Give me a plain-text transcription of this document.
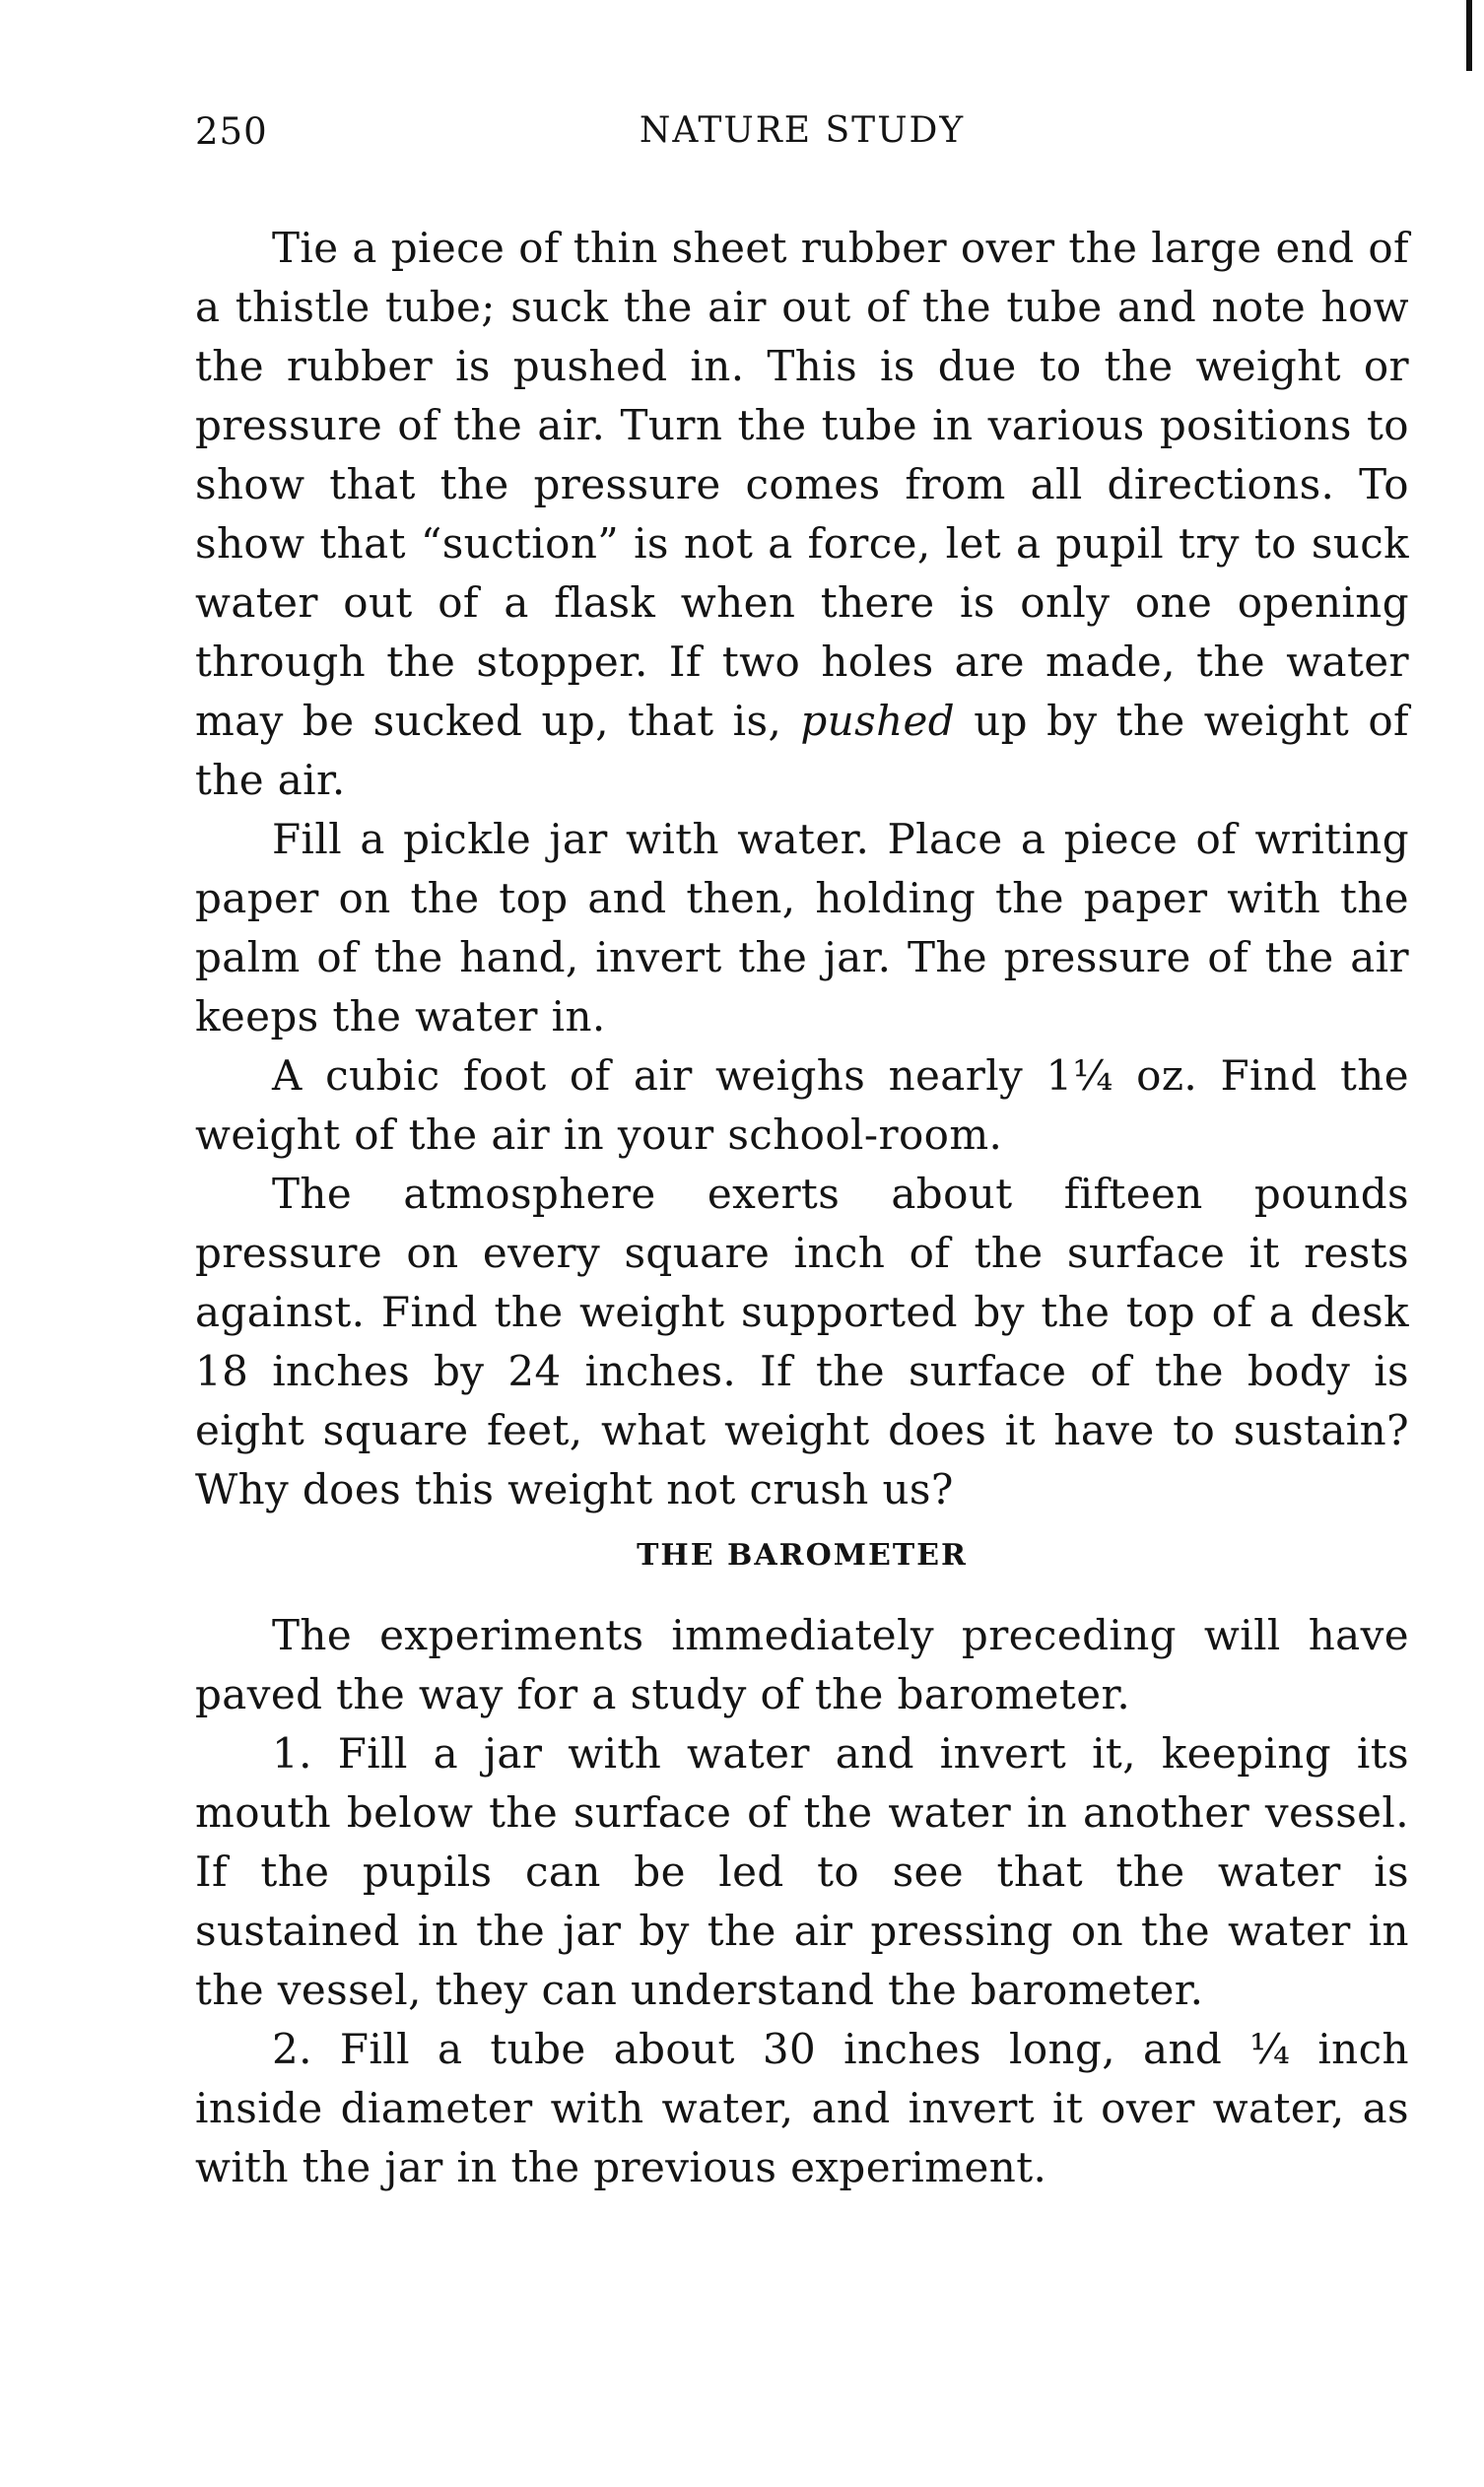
250	NATURE STUDY

Tie a piece of thin sheet rubber over the large end of a thistle tube; suck the air out of the tube and note how the rubber is pushed in. This is due to the weight or pressure of the air. Turn the tube in various positions to show that the pressure comes from all directions. To show that “suction” is not a force, let a pupil try to suck water out of a flask when there is only one opening through the stopper. If two holes are made, the water may be sucked up, that is, pushed up by the weight of the air.

Fill a pickle jar with water. Place a piece of writing paper on the top and then, holding the paper with the palm of the hand, invert the jar. The pressure of the air keeps the water in.

A cubic foot of air weighs nearly 1¼ oz. Find the weight of the air in your school-room.

The atmosphere exerts about fifteen pounds pressure on every square inch of the surface it rests against. Find the weight supported by the top of a desk 18 inches by 24 inches. If the surface of the body is eight square feet, what weight does it have to sustain? Why does this weight not crush us?

THE BAROMETER

The experiments immediately preceding will have paved the way for a study of the barometer.

1. Fill a jar with water and invert it, keeping its mouth below the surface of the water in another vessel. If the pupils can be led to see that the water is sustained in the jar by the air pressing on the water in the vessel, they can understand the barometer.

2. Fill a tube about 30 inches long, and ¼ inch inside diameter with water, and invert it over water, as with the jar in the previous experiment.
